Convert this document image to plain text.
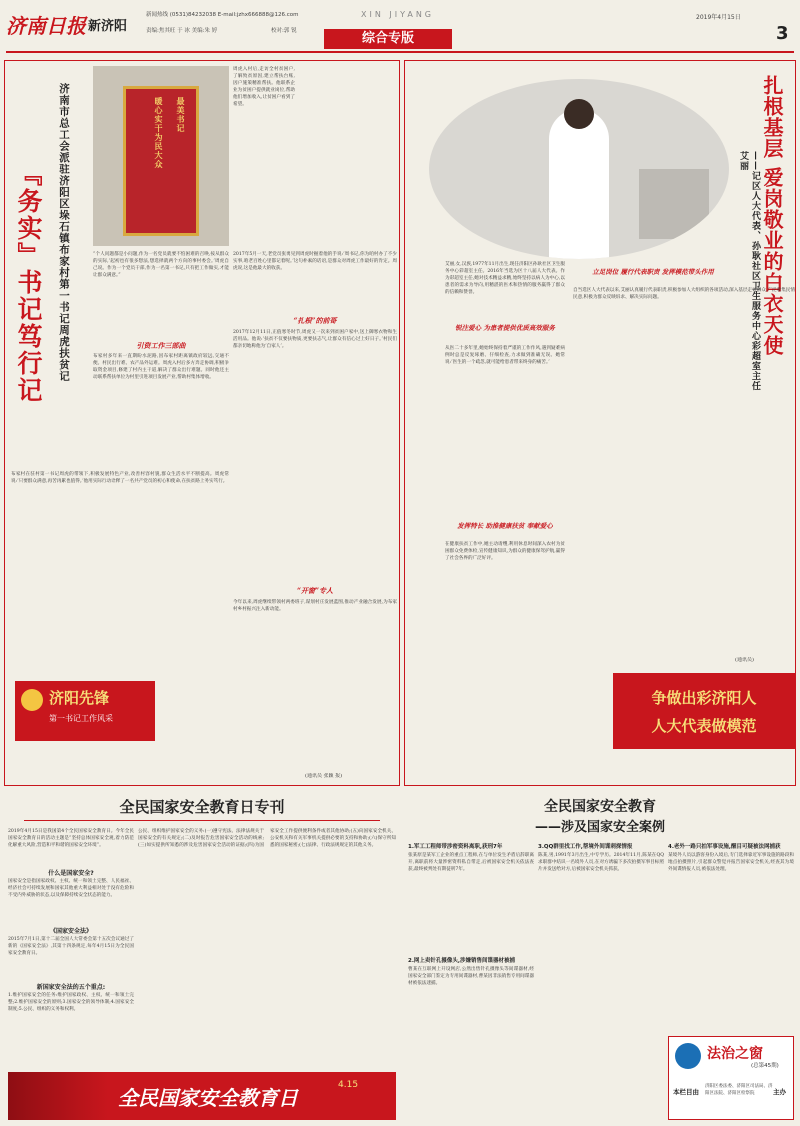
济南日报 新济阳
新闻热线 (0531)84232038 E-mail:jzhx666888@126.com
责编:焦其旺 于 冰 美编:朱 婷	校对:郭 锐
XIN JIYANG	2019年4月15日
3
综合专版
济南市总工会派驻济阳区垛石镇布家村第一书记周虎扶贫记
『务实』书记笃行记
最美书记
暖心实干为民大众
“个人问题都是小问题,作为一名党员就要不怕困难的召唤,按从群众的实际,‘起初也有很多想法,想选择就两个方向的事村委会。’周虎自己说。作为一个党员干部,作为一名第一书记,只有把工作做实,才能让群众满意。”
引资工作三部曲
布家村多年来一直期盼水泥路,因布家村距离镇政府较远,交通不便。村民出行难、农产品外运难。周虎入村后多方奔走协调,积极争取资金项目,修建了村内主干道,解决了群众出行难题。同时他还主动联系帮扶单位为村里引进项目发展产业,帮助村集体增收。
周虎入村后,走访全村贫困户,了解致贫原因,建立帮扶台账,因户施策精准帮扶。他联系企业为贫困户提供就业岗位,帮助他们增加收入,让贫困户看到了希望。
布家村在驻村第一书记周虎的带领下,积极发展特色产业,改善村容村貌,群众生活水平不断提高。周虎常说:‘只要群众满意,再苦再累也值得。’他用实际行动诠释了一名共产党员的初心和使命,在扶贫路上务实笃行。
2017年5月一天,老党员张勇见到周虎时握着他的手说:‘周书记,你为咱村办了不少实事,咱老百姓心里都记着呢。’这句朴素的话语,是群众对周虎工作最好的肯定。周虎说,这是他最大的收获。
“扎根”的前哥
2017年12月11日,正值寒冬时节,周虎又一次来到贫困户家中,送上御寒衣物和生活用品。他说:‘扶贫不仅要扶物质,更要扶志气,让群众有信心过上好日子。’村民们都亲切地称他为‘自家人’。
“开窗”专人
今年以来,周虎继续带领村两委班子,谋划村庄发展蓝图,推动产业融合发展,为布家村乡村振兴注入新动能。
(通讯员 张颖 报)
济阳先锋
第一书记工作风采
扎根基层 爱岗敬业的白衣天使
——记区人大代表、孙耿社区卫生服务中心彩超室主任艾丽
艾丽,女,汉族,1977年11月出生,现任济阳区孙耿社区卫生服务中心彩超室主任。2016年当选为区十八届人大代表。作为彩超室主任,她对技术精益求精,始终坚持以病人为中心,以患者的需求为导向,用精湛的医术和热情的服务赢得了群众的信赖和赞誉。
锐注爱心 为患者提供优质高效服务
从医二十多年里,她始终保持着严谨的工作作风,遇到疑难病例时总是反复琢磨、仔细检查,力求做到准确无误。她常说:‘医生的一个疏忽,就可能给患者带来终身的痛苦。’
立足岗位 履行代表职责 发挥模范带头作用
自当选区人大代表以来,艾丽认真履行代表职责,积极参加人大组织的各项活动,深入基层走访群众,广泛收集民情民意,积极为群众反映诉求、解决实际问题。
发挥特长 助推健康扶贫 奉献爱心
在健康扶贫工作中,她主动请缨,利用休息时间深入农村为贫困群众免费体检,宣传健康知识,为群众的健康保驾护航,赢得了社会各界的广泛好评。
(通讯员)
争做出彩济阳人
人大代表做模范
全民国家安全教育日专刊
2019年4月15日是我国第4个全民国家安全教育日。今年全民国家安全教育日的活动主题是“坚持总体国家安全观,着力防范化解重大风险,营造和平和谐的国家安全环境”。
什么是国家安全?
国家安全是指国家政权、主权、统一和领土完整、人民福祉、经济社会可持续发展和国家其他重大利益相对处于没有危险和不受内外威胁的状态,以及保障持续安全状态的能力。
《国家安全法》
2015年7月1日,第十二届全国人大常委会第十五次会议通过了新的《国家安全法》,其第十四条规定,每年4月15日为全民国家安全教育日。
新国家安全法的五个重点:
1.维护国家安全的任务:维护国家政权、主权、统一和领土完整;2.维护国家安全的原则;3.国家安全的领导体制;4.国家安全制度;5.公民、组织的义务和权利。
公民、组织维护国家安全的义务:(一)遵守宪法、法律法规关于国家安全的有关规定;(二)及时报告危害国家安全活动的线索;(三)如实提供所知悉的涉及危害国家安全活动的证据;(四)为国家安全工作提供便利条件或者其他协助;(五)向国家安全机关、公安机关和有关军事机关提供必要的支持和协助;(六)保守所知悉的国家秘密;(七)法律、行政法规规定的其他义务。
全民国家安全教育日
4.15
全民国家安全教育
——涉及国家安全案例
1.军工工程师带涉密资料离职,获刑7年
张某原是某军工企业的重点工程师,在与单位发生矛盾后辞职离开,离职前将大量涉密资料私自带走,后被国家安全机关依法查获,最终被判处有期徒刑7年。
2.网上卖针孔摄像头,涉嫌销售间谍器材被捕
曹某在互联网上开设网店,公然出售针孔摄像头等间谍器材,经国家安全部门鉴定为专用间谍器材,曹某因非法销售专用间谍器材被依法逮捕。
3.QQ群里找工作,帮境外间谍刺探情报
陈某,男,1991年3月出生,中专学历。2014年11月,陈某在QQ求职群中结识一名境外人员,在对方诱骗下多次拍摄军事目标照片并发送给对方,后被国家安全机关抓获。
4.老外一路只拍军事设施,醒目可疑被法网捕获
某境外人员以游客身份入境后,专门选择靠近军事设施的路段和地点拍摄照片,引起群众警觉并报告国家安全机关,经查其为境外间谍情报人员,被依法处理。
法治之窗
(总第45期)
本栏目由
济阳区委法委、济阳区司法局、济阳区法院、济阳区检察院	主办
